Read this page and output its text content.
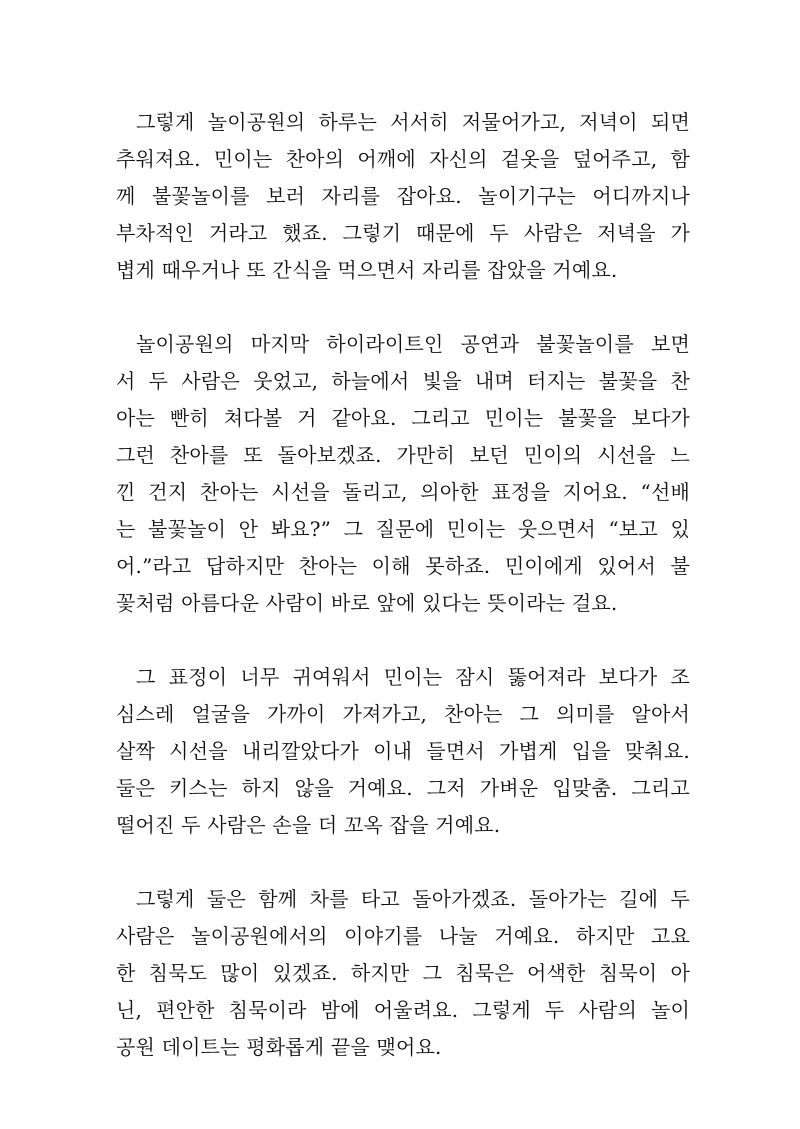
그렇게 놀이공원의 하루는 서서히 저물어가고, 저녁이 되면
추워져요. 민이는 찬아의 어깨에 자신의 겉옷을 덮어주고, 함
께 불꽃놀이를 보러 자리를 잡아요. 놀이기구는 어디까지나
부차적인 거라고 했죠. 그렇기 때문에 두 사람은 저녁을 가
볍게 때우거나 또 간식을 먹으면서 자리를 잡았을 거예요.

놀이공원의 마지막 하이라이트인 공연과 불꽃놀이를 보면
서 두 사람은 웃었고, 하늘에서 빛을 내며 터지는 불꽃을 찬
아는 빤히 쳐다볼 거 같아요. 그리고 민이는 불꽃을 보다가
그런 찬아를 또 돌아보겠죠. 가만히 보던 민이의 시선을 느
낀 건지 찬아는 시선을 돌리고, 의아한 표정을 지어요. “선배
는 불꽃놀이 안 봐요?” 그 질문에 민이는 웃으면서 “보고 있
어.”라고 답하지만 찬아는 이해 못하죠. 민이에게 있어서 불
꽃처럼 아름다운 사람이 바로 앞에 있다는 뜻이라는 걸요.

그 표정이 너무 귀여워서 민이는 잠시 뚫어져라 보다가 조
심스레 얼굴을 가까이 가져가고, 찬아는 그 의미를 알아서
살짝 시선을 내리깔았다가 이내 들면서 가볍게 입을 맞춰요.
둘은 키스는 하지 않을 거예요. 그저 가벼운 입맞춤. 그리고
떨어진 두 사람은 손을 더 꼬옥 잡을 거예요.

그렇게 둘은 함께 차를 타고 돌아가겠죠. 돌아가는 길에 두
사람은 놀이공원에서의 이야기를 나눌 거예요. 하지만 고요
한 침묵도 많이 있겠죠. 하지만 그 침묵은 어색한 침묵이 아
닌, 편안한 침묵이라 밤에 어울려요. 그렇게 두 사람의 놀이
공원 데이트는 평화롭게 끝을 맺어요.
